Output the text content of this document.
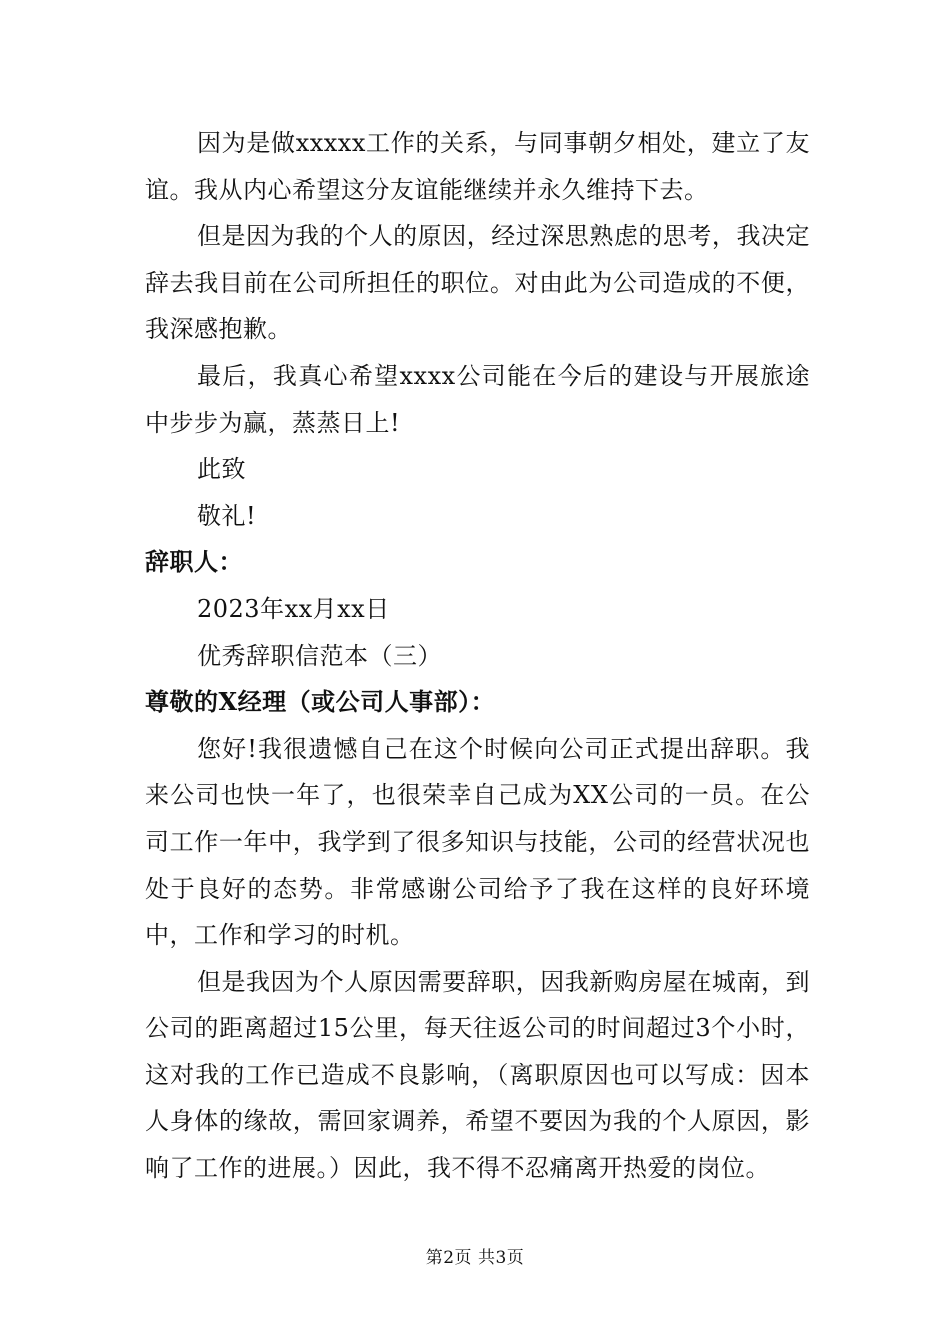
因为是做xxxxx工作的关系，与同事朝夕相处，建立了友谊。我从内心希望这分友谊能继续并永久维持下去。

但是因为我的个人的原因，经过深思熟虑的思考，我决定辞去我目前在公司所担任的职位。对由此为公司造成的不便，我深感抱歉。

最后，我真心希望xxxx公司能在今后的建设与开展旅途中步步为赢，蒸蒸日上!

此致

敬礼!

辞职人：

2023年xx月xx日

优秀辞职信范本（三）

尊敬的X经理（或公司人事部）：

您好!我很遗憾自己在这个时候向公司正式提出辞职。我来公司也快一年了，也很荣幸自己成为XX公司的一员。在公司工作一年中，我学到了很多知识与技能，公司的经营状况也处于良好的态势。非常感谢公司给予了我在这样的良好环境中，工作和学习的时机。

但是我因为个人原因需要辞职，因我新购房屋在城南，到公司的距离超过15公里，每天往返公司的时间超过3个小时，这对我的工作已造成不良影响，（离职原因也可以写成：因本人身体的缘故，需回家调养，希望不要因为我的个人原因，影响了工作的进展。）因此，我不得不忍痛离开热爱的岗位。

第2页 共3页
